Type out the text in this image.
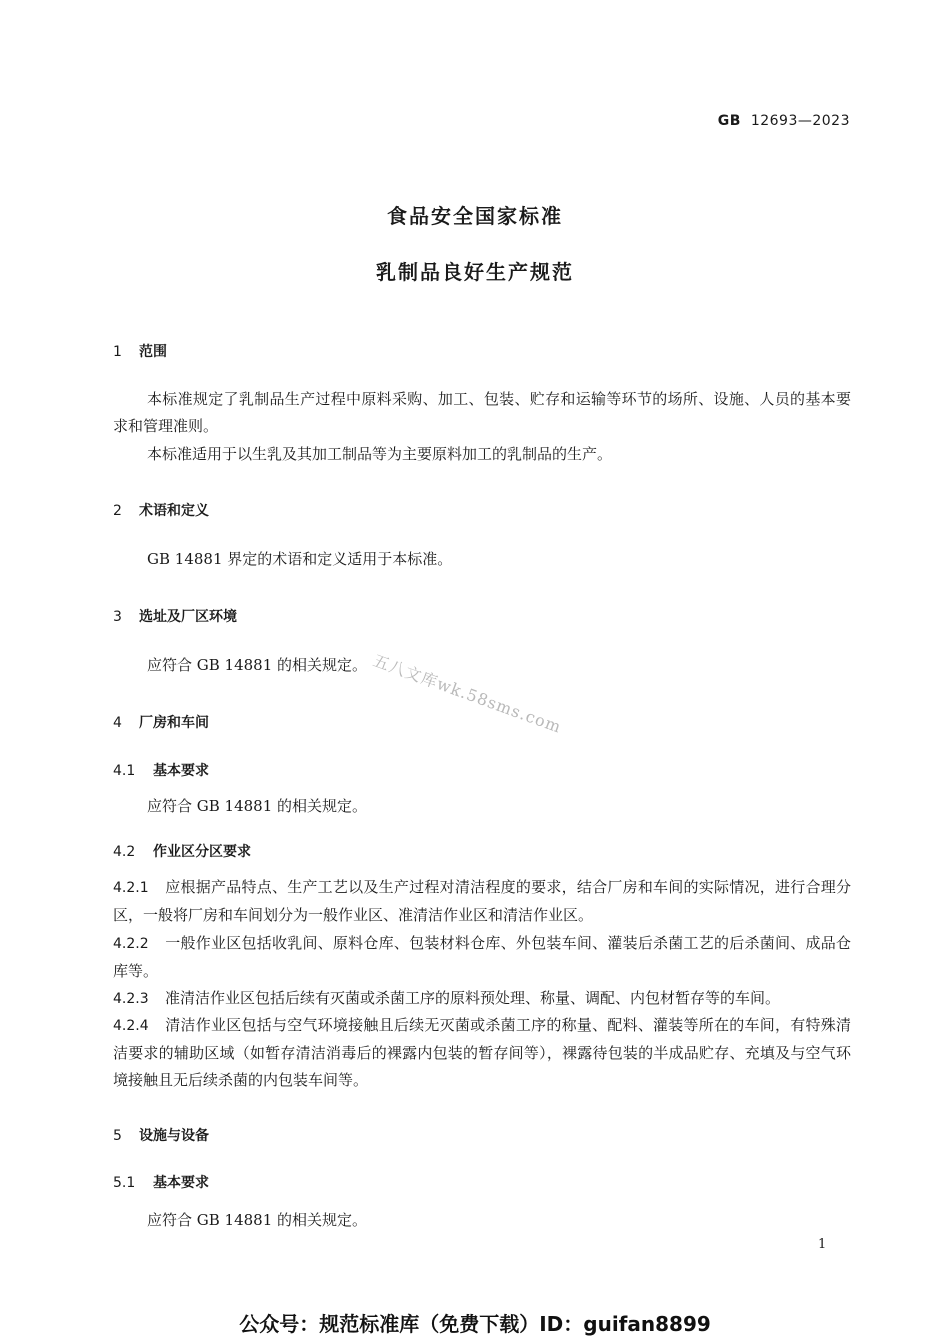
GB 12693—2023
食品安全国家标准
乳制品良好生产规范
1 范围
本标准规定了乳制品生产过程中原料采购、加工、包装、贮存和运输等环节的场所、设施、人员的基本要求和管理准则。
本标准适用于以生乳及其加工制品等为主要原料加工的乳制品的生产。
2 术语和定义
GB 14881 界定的术语和定义适用于本标准。
3 选址及厂区环境
应符合 GB 14881 的相关规定。
4 厂房和车间
4.1 基本要求
应符合 GB 14881 的相关规定。
4.2 作业区分区要求
4.2.1 应根据产品特点、生产工艺以及生产过程对清洁程度的要求，结合厂房和车间的实际情况，进行合理分区，一般将厂房和车间划分为一般作业区、准清洁作业区和清洁作业区。
4.2.2 一般作业区包括收乳间、原料仓库、包装材料仓库、外包装车间、灌装后杀菌工艺的后杀菌间、成品仓库等。
4.2.3 准清洁作业区包括后续有灭菌或杀菌工序的原料预处理、称量、调配、内包材暂存等的车间。
4.2.4 清洁作业区包括与空气环境接触且后续无灭菌或杀菌工序的称量、配料、灌装等所在的车间，有特殊清洁要求的辅助区域（如暂存清洁消毒后的裸露内包装的暂存间等），裸露待包装的半成品贮存、充填及与空气环境接触且无后续杀菌的内包装车间等。
5 设施与设备
5.1 基本要求
应符合 GB 14881 的相关规定。
五八文库wk.58sms.com
1
公众号：规范标准库（免费下载）ID：guifan8899
